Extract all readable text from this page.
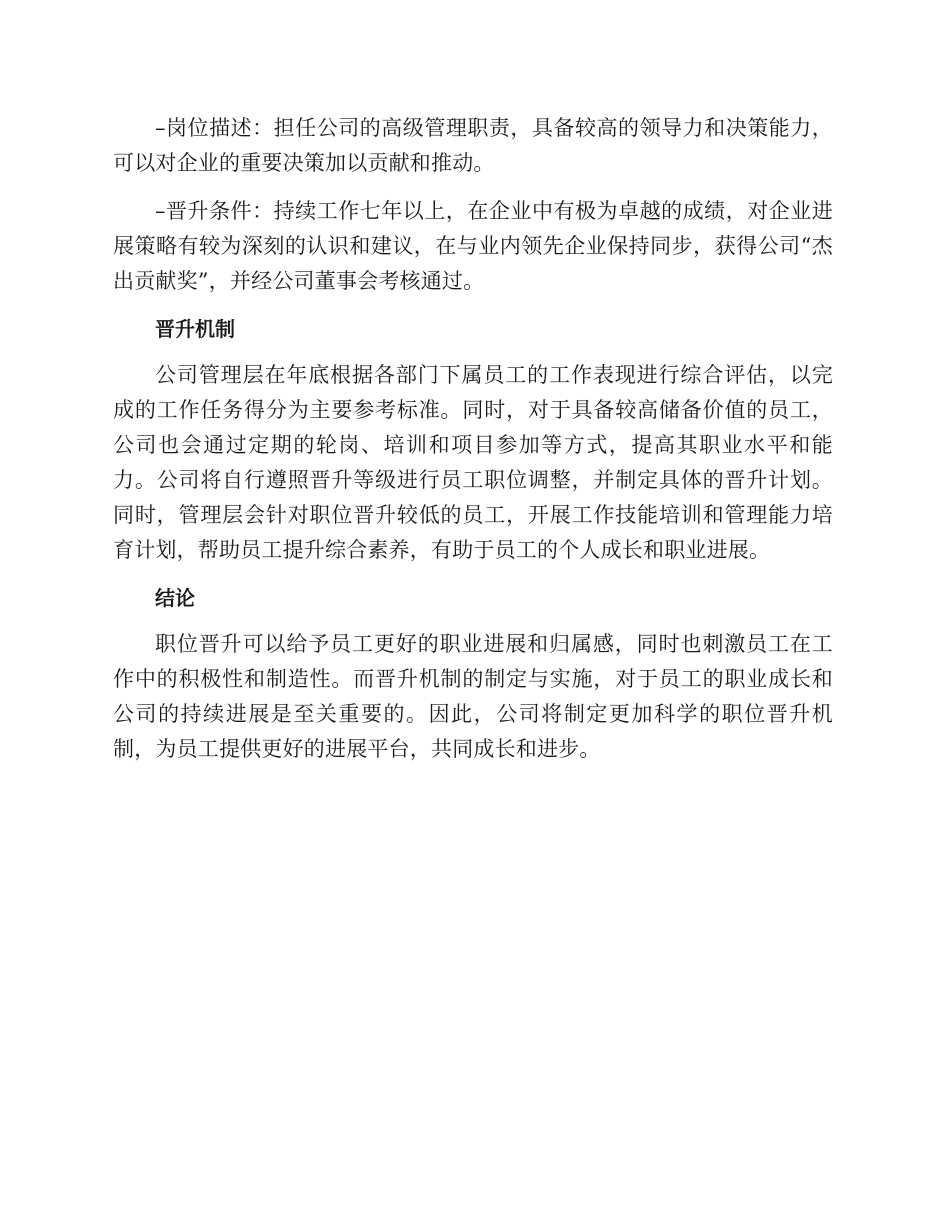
–岗位描述：担任公司的高级管理职责，具备较高的领导力和决策能力，可以对企业的重要决策加以贡献和推动。

–晋升条件：持续工作七年以上，在企业中有极为卓越的成绩，对企业进展策略有较为深刻的认识和建议，在与业内领先企业保持同步，获得公司“杰出贡献奖”，并经公司董事会考核通过。

晋升机制

公司管理层在年底根据各部门下属员工的工作表现进行综合评估，以完成的工作任务得分为主要参考标准。同时，对于具备较高储备价值的员工，公司也会通过定期的轮岗、培训和项目参加等方式，提高其职业水平和能力。公司将自行遵照晋升等级进行员工职位调整，并制定具体的晋升计划。同时，管理层会针对职位晋升较低的员工，开展工作技能培训和管理能力培育计划，帮助员工提升综合素养，有助于员工的个人成长和职业进展。

结论

职位晋升可以给予员工更好的职业进展和归属感，同时也刺激员工在工作中的积极性和制造性。而晋升机制的制定与实施，对于员工的职业成长和公司的持续进展是至关重要的。因此，公司将制定更加科学的职位晋升机制，为员工提供更好的进展平台，共同成长和进步。
